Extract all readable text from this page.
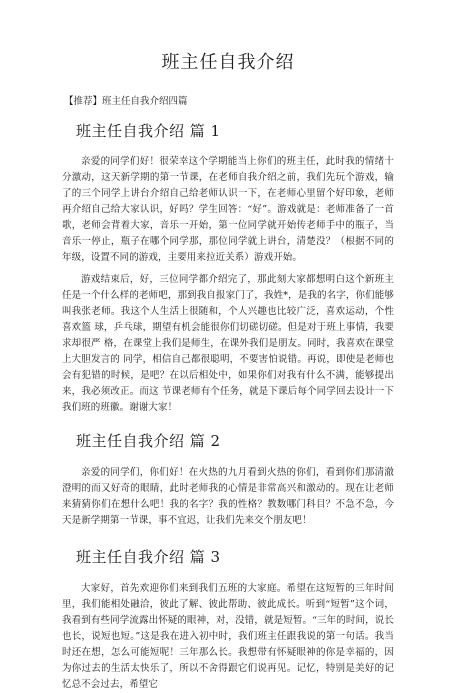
班主任自我介绍

【推荐】班主任自我介绍四篇

班主任自我介绍 篇 1

亲爱的同学们好！很荣幸这个学期能当上你们的班主任，此时我的情绪十分激动，这天新学期的第一节课，在老师自我介绍之前，我们先玩个游戏，输了的三个同学上讲台介绍自己给老师认识一下，在老师心里留个好印象，老师再介绍自己给大家认识，好吗？学生回答：“好”。游戏就是：老师准备了一首歌，老师会背着大家，音乐一开始，第一位同学就开始传老师手中的瓶子，当音乐一停止，瓶子在哪个同学那，那位同学就上讲台，清楚没？（根据不同的年级，设置不同的游戏，主要用来拉近关系）游戏开始。

游戏结束后，好，三位同学都介绍完了，那此刻大家都想明白这个新班主任是一个什么样的老师吧，那到我自报家门了，我姓*，是我的名字，你们能够叫我张老师。我这个人生活上很随和，个人兴趣也比较广泛，喜欢运动，个性喜欢篮 球，乒乓球，期望有机会能很你们切磋切磋。但是对于班上事情，我要求却很严 格，在课堂上我们是师生，在课外我们是朋友。同时，我喜欢在课堂上大胆发言的 同学，相信自己都很聪明，不要害怕说错。再说，即使是老师也会有犯错的时候，是吧？在以后相处中，如果你们对我有什么不满，能够提出来，我必须改正。而这 节课老师有个任务，就是下课后每个同学回去设计一下我们班的班徽。谢谢大家！

班主任自我介绍 篇 2

亲爱的同学们，你们好！在火热的九月看到火热的你们，看到你们那清澈澄明的而又好奇的眼睛，此时老师我的心情是非常高兴和激动的。现在让老师来猜猜你们在想什么吧！我的名字？我的性格？教数哪门科目？不急不急，今天是新学期第一节课，事不宜迟，让我们先来交个朋友吧！

班主任自我介绍 篇 3

大家好，首先欢迎你们来到我们五班的大家庭。希望在这短暂的三年时间里，我们能相处融洽，彼此了解、彼此帮助、彼此成长。听到“短暂”这个词，我看到有些同学流露出怀疑的眼神，对，没错，就是短暂。“三年的时间，说长也长，说短也短。”这是我在进入初中时，我们班主任跟我说的第一句话。我当时还在想，怎么可能短呢！三年那么长。我想带有怀疑眼神的你是幸福的，因为你过去的生活太快乐了，所以不舍得跟它们说再见。记忆，特别是美好的记忆总不会过去，希望它
